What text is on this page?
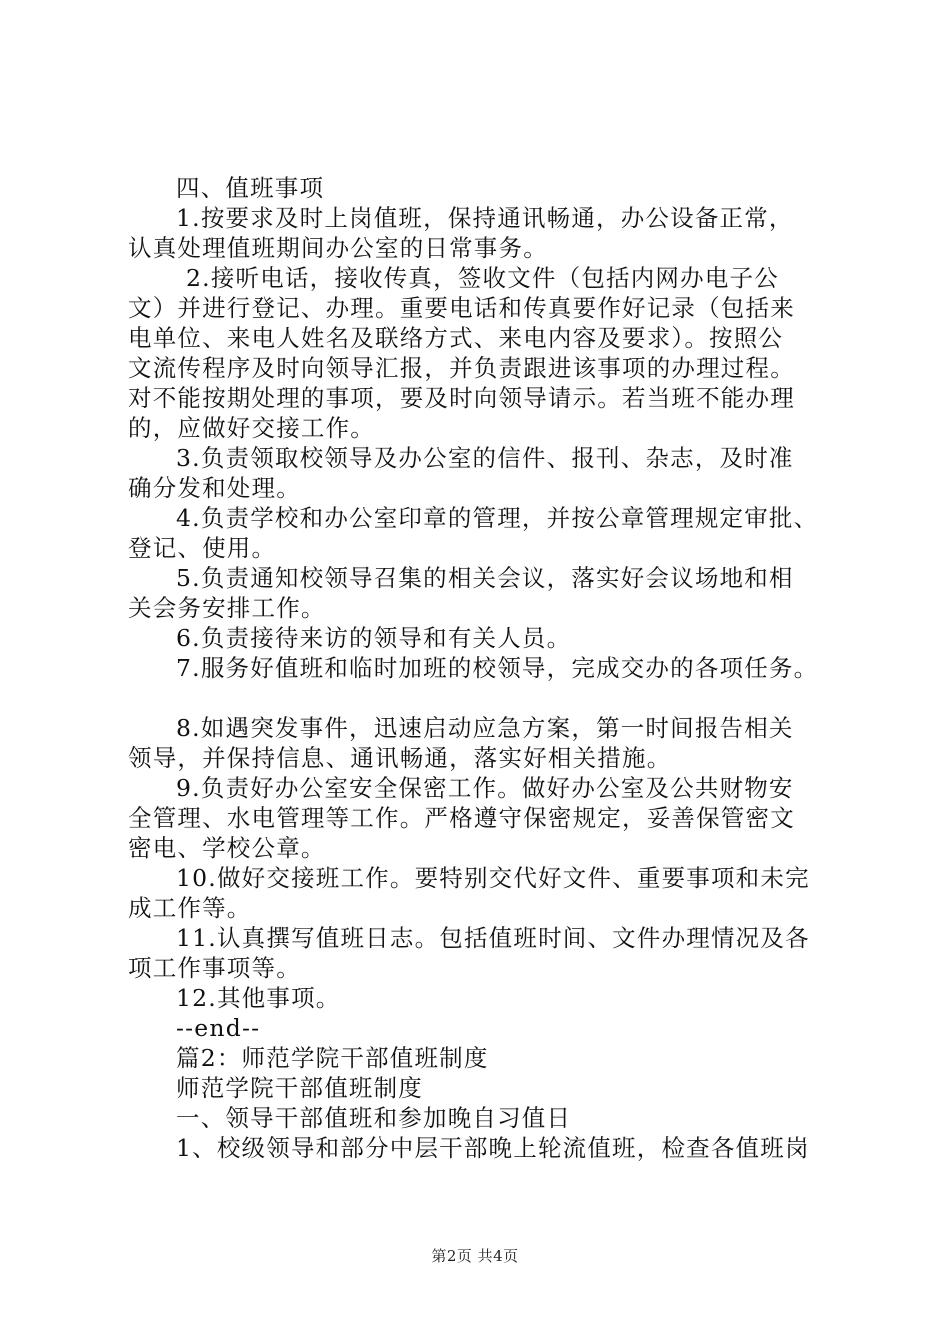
四、值班事项
1.按要求及时上岗值班，保持通讯畅通，办公设备正常，
认真处理值班期间办公室的日常事务。
2.接听电话，接收传真，签收文件（包括内网办电子公
文）并进行登记、办理。重要电话和传真要作好记录（包括来
电单位、来电人姓名及联络方式、来电内容及要求）。按照公
文流传程序及时向领导汇报，并负责跟进该事项的办理过程。
对不能按期处理的事项，要及时向领导请示。若当班不能办理
的，应做好交接工作。
3.负责领取校领导及办公室的信件、报刊、杂志，及时准
确分发和处理。
4.负责学校和办公室印章的管理，并按公章管理规定审批、
登记、使用。
5.负责通知校领导召集的相关会议，落实好会议场地和相
关会务安排工作。
6.负责接待来访的领导和有关人员。
7.服务好值班和临时加班的校领导，完成交办的各项任务。
8.如遇突发事件，迅速启动应急方案，第一时间报告相关
领导，并保持信息、通讯畅通，落实好相关措施。
9.负责好办公室安全保密工作。做好办公室及公共财物安
全管理、水电管理等工作。严格遵守保密规定，妥善保管密文
密电、学校公章。
10.做好交接班工作。要特别交代好文件、重要事项和未完
成工作等。
11.认真撰写值班日志。包括值班时间、文件办理情况及各
项工作事项等。
12.其他事项。
--end--
篇2：师范学院干部值班制度
师范学院干部值班制度
一、领导干部值班和参加晚自习值日
1、校级领导和部分中层干部晚上轮流值班，检查各值班岗
第2页 共4页
